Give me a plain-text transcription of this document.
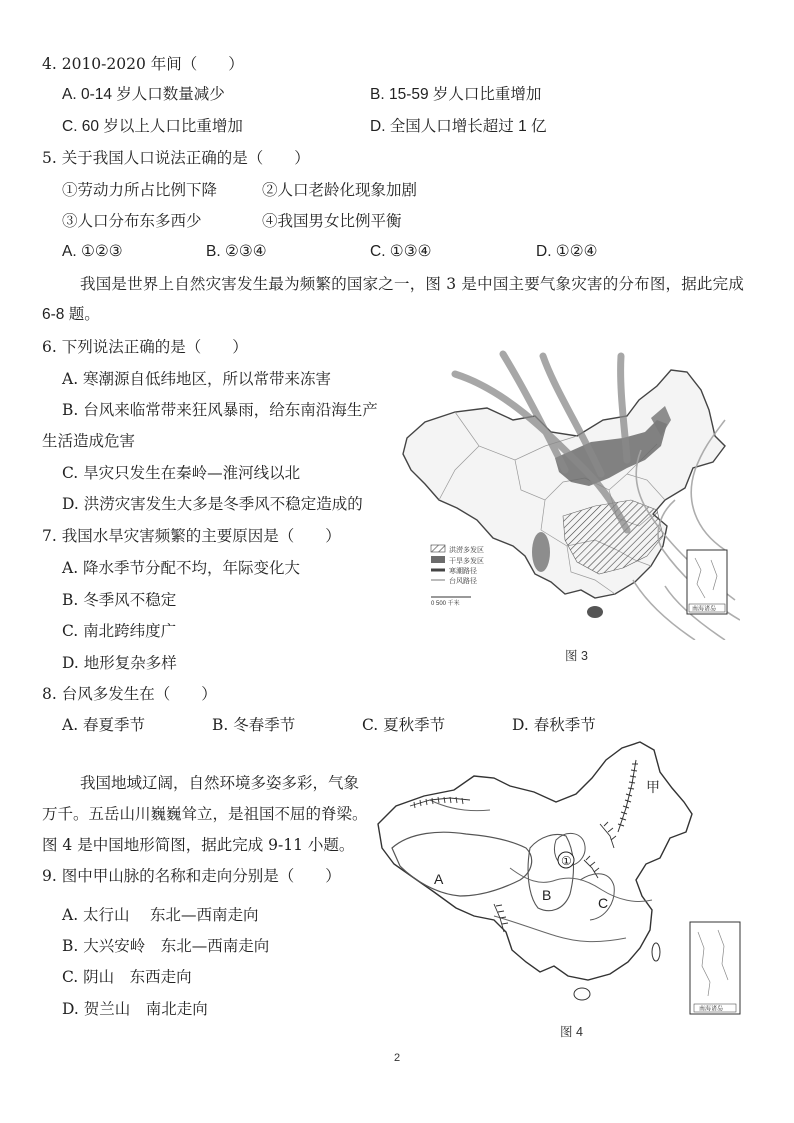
4. 2010-2020 年间（　　）
A. 0-14 岁人口数量减少	B. 15-59 岁人口比重增加
C. 60 岁以上人口比重增加	D. 全国人口增长超过 1 亿
5. 关于我国人口说法正确的是（　　）
①劳动力所占比例下降	②人口老龄化现象加剧
③人口分布东多西少	④我国男女比例平衡
A. ①②③	B. ②③④	C. ①③④	D. ①②④
我国是世界上自然灾害发生最为频繁的国家之一，图 3 是中国主要气象灾害的分布图，据此完成
6-8 题。
6. 下列说法正确的是（　　）
A. 寒潮源自低纬地区，所以常带来冻害
B. 台风来临常带来狂风暴雨，给东南沿海生产
生活造成危害
C. 旱灾只发生在秦岭—淮河线以北
D. 洪涝灾害发生大多是冬季风不稳定造成的
7. 我国水旱灾害频繁的主要原因是（　　）
A. 降水季节分配不均，年际变化大
B. 冬季风不稳定
C. 南北跨纬度广
D. 地形复杂多样
8. 台风多发生在（　　）
A. 春夏季节	B. 冬春季节	C. 夏秋季节	D. 春秋季节
我国地域辽阔，自然环境多姿多彩，气象
万千。五岳山川巍巍耸立，是祖国不屈的脊梁。
图 4 是中国地形简图，据此完成 9-11 小题。
9. 图中甲山脉的名称和走向分别是（　　）
A. 太行山　 东北—西南走向
B. 大兴安岭　东北—西南走向
C. 阴山　东西走向
D. 贺兰山　南北走向
洪涝多发区
干旱多发区
寒潮路径
台风路径
0 500 千米
南海诸岛
图 3
甲
①
A
B	C
南海诸岛
图 4
2
